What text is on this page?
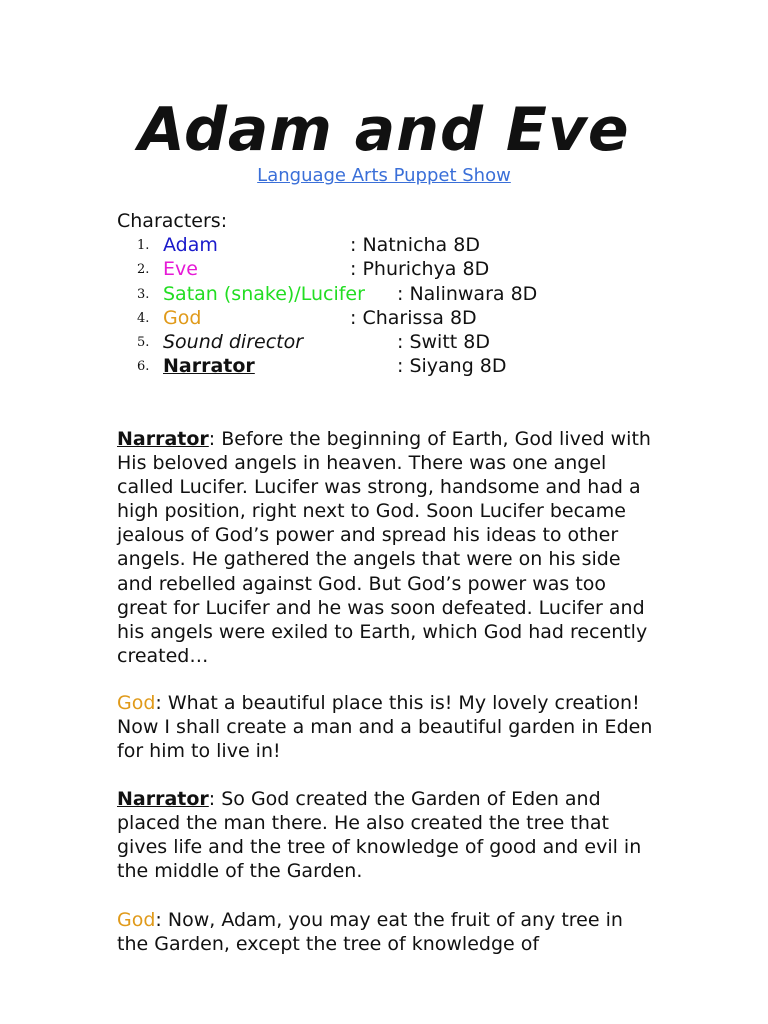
Adam and Eve
Language Arts Puppet Show
Characters:
1. Adam	: Natnicha 8D
2. Eve	: Phurichya 8D
3. Satan (snake)/Lucifer : Nalinwara 8D
4. God	: Charissa 8D
5. Sound director	: Switt 8D
6. Narrator	: Siyang 8D

Narrator: Before the beginning of Earth, God lived with His beloved angels in heaven. There was one angel called Lucifer. Lucifer was strong, handsome and had a high position, right next to God. Soon Lucifer became jealous of God’s power and spread his ideas to other angels. He gathered the angels that were on his side and rebelled against God. But God’s power was too great for Lucifer and he was soon defeated. Lucifer and his angels were exiled to Earth, which God had recently created…

God: What a beautiful place this is! My lovely creation! Now I shall create a man and a beautiful garden in Eden for him to live in!

Narrator: So God created the Garden of Eden and placed the man there. He also created the tree that gives life and the tree of knowledge of good and evil in the middle of the Garden.

God: Now, Adam, you may eat the fruit of any tree in the Garden, except the tree of knowledge of
